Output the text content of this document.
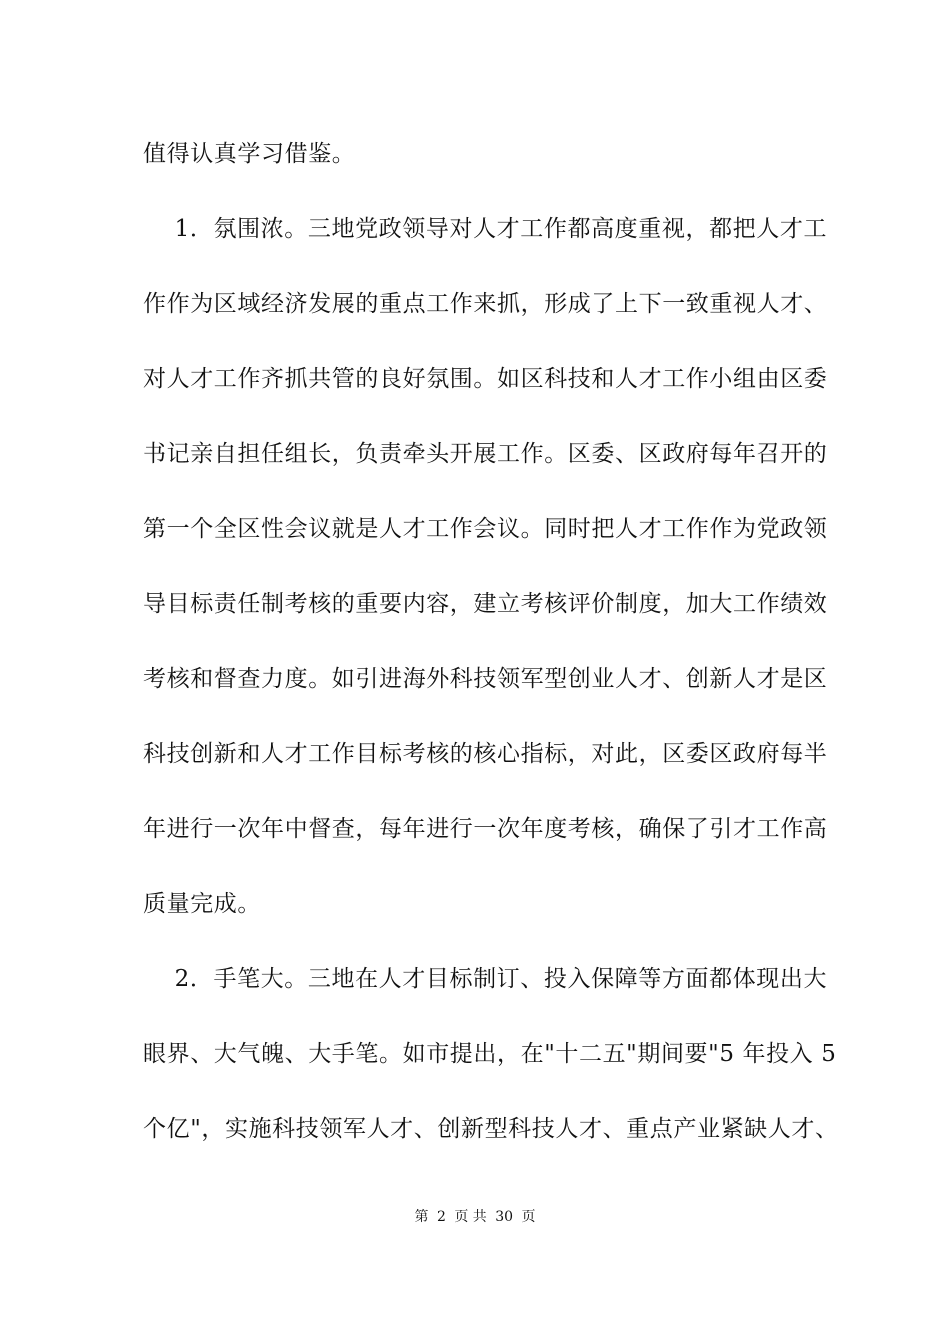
值得认真学习借鉴。
1．氛围浓。三地党政领导对人才工作都高度重视，都把人才工
作作为区域经济发展的重点工作来抓，形成了上下一致重视人才、
对人才工作齐抓共管的良好氛围。如区科技和人才工作小组由区委
书记亲自担任组长，负责牵头开展工作。区委、区政府每年召开的
第一个全区性会议就是人才工作会议。同时把人才工作作为党政领
导目标责任制考核的重要内容，建立考核评价制度，加大工作绩效
考核和督查力度。如引进海外科技领军型创业人才、创新人才是区
科技创新和人才工作目标考核的核心指标，对此，区委区政府每半
年进行一次年中督查，每年进行一次年度考核，确保了引才工作高
质量完成。
2．手笔大。三地在人才目标制订、投入保障等方面都体现出大
眼界、大气魄、大手笔。如市提出，在"十二五"期间要"5 年投入 5
个亿"，实施科技领军人才、创新型科技人才、重点产业紧缺人才、
第 2 页 共 30 页
